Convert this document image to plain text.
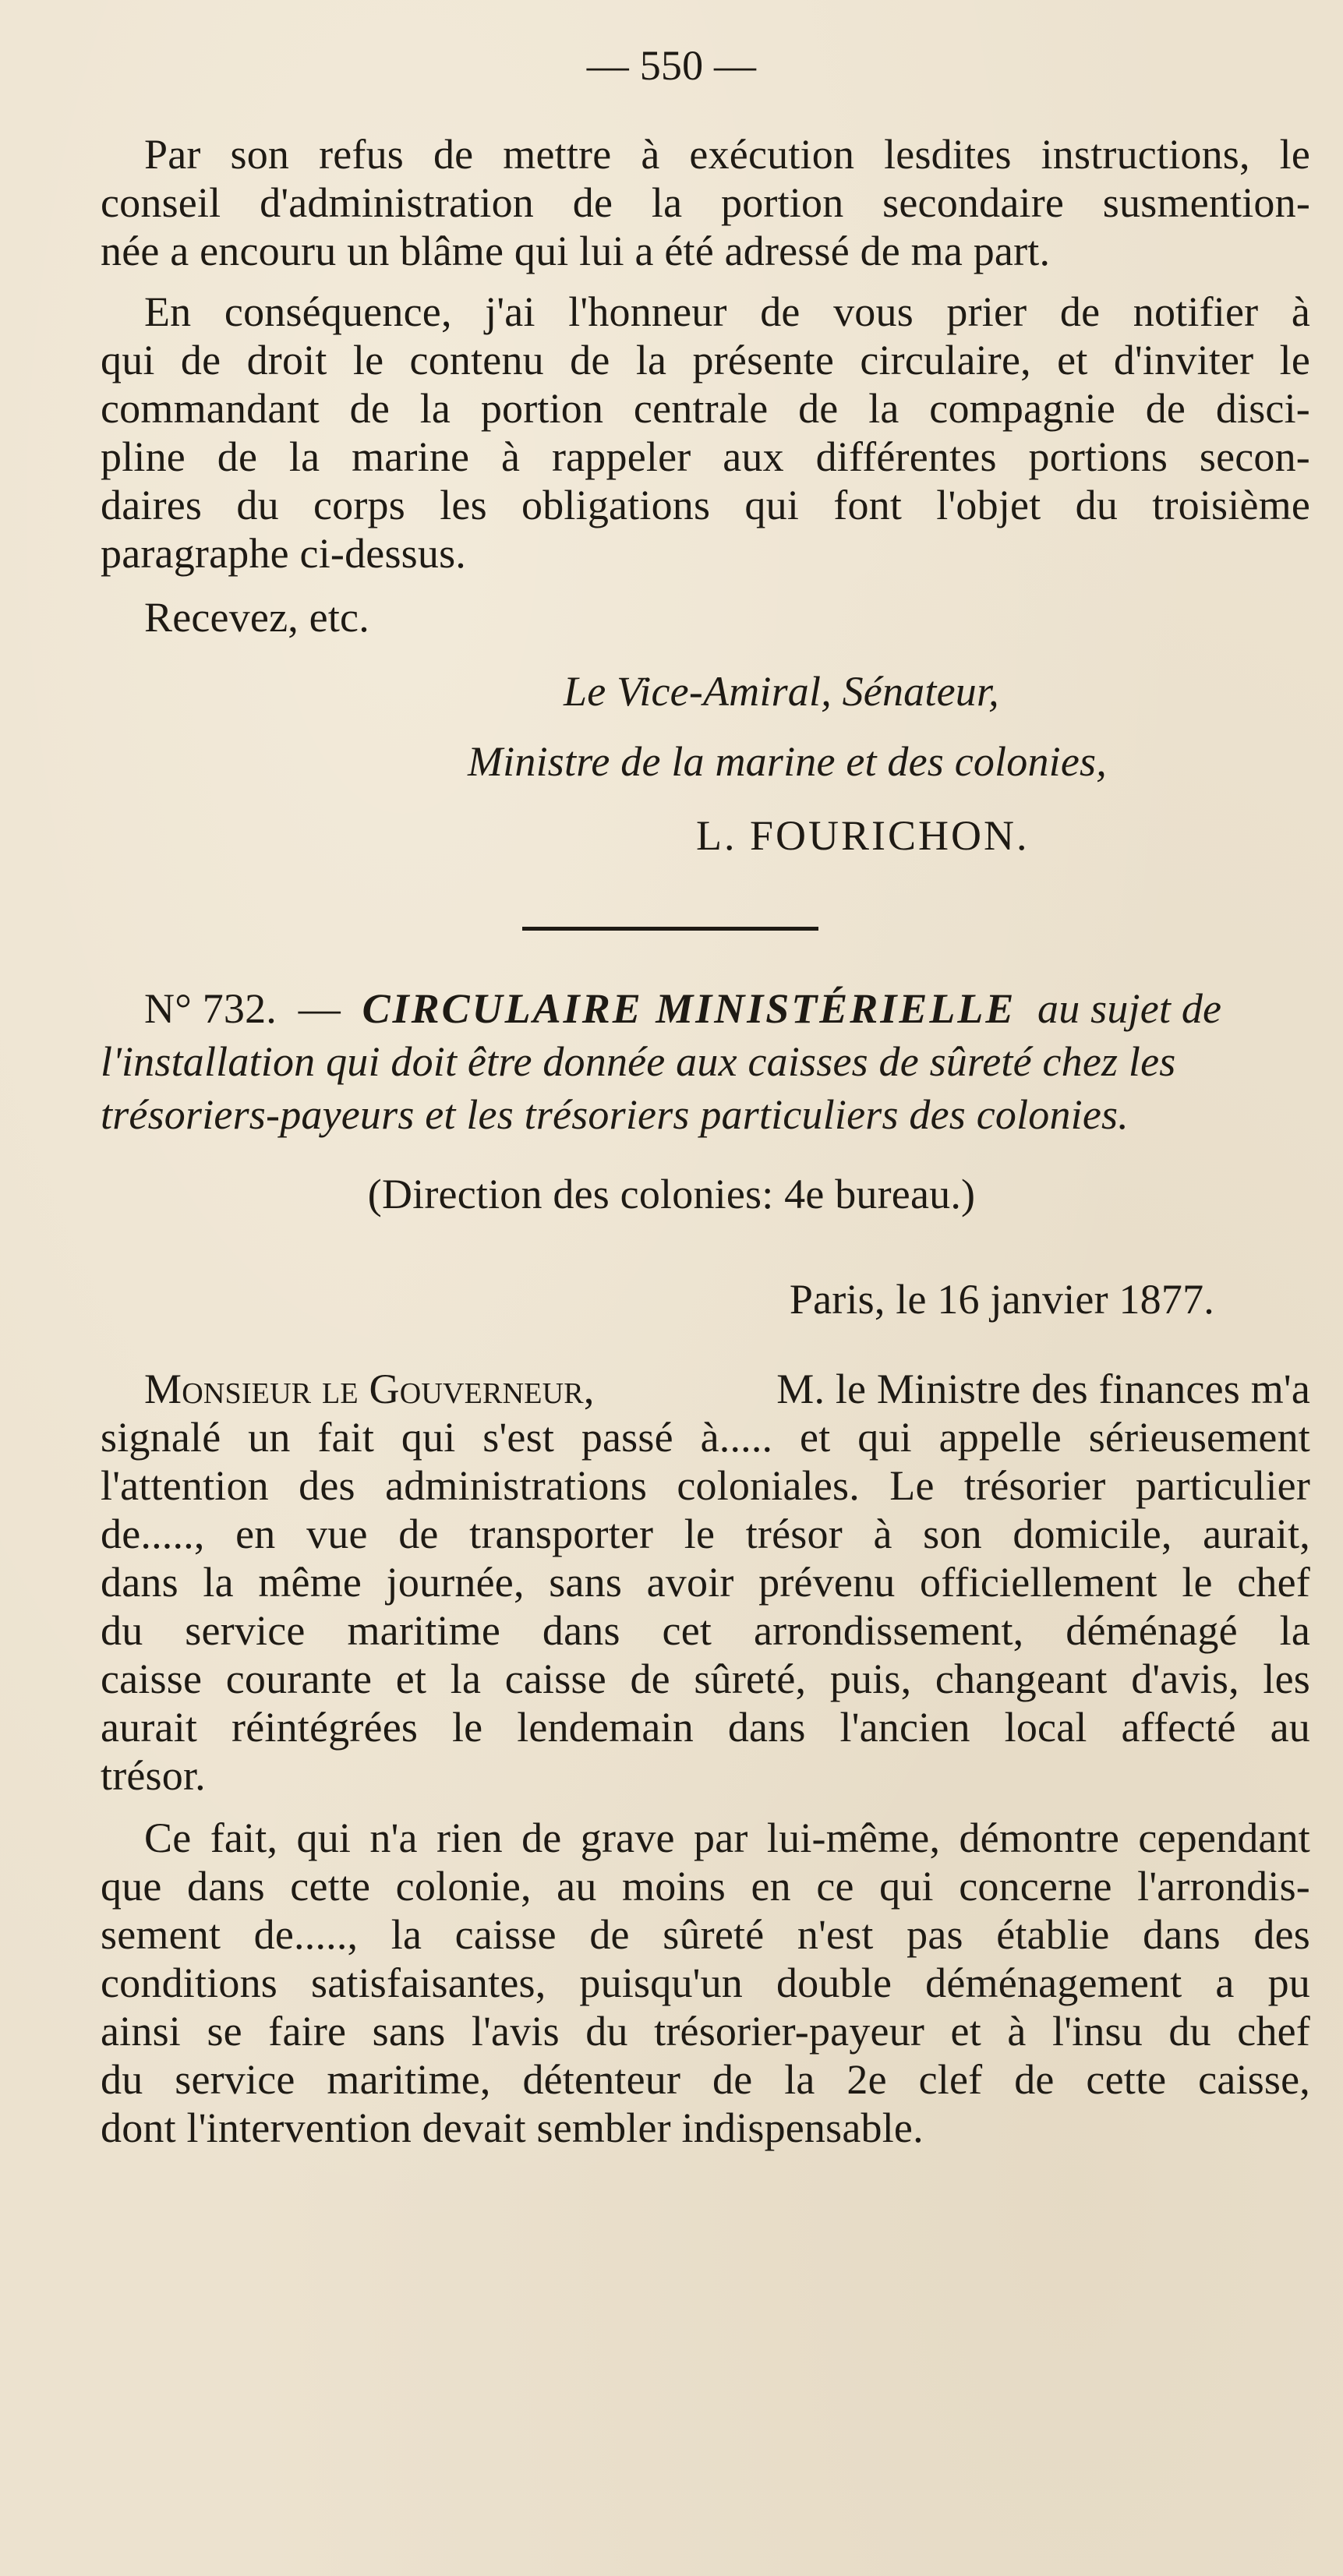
— 550 —
Par son refus de mettre à exécution lesdites instructions, le
conseil d'administration de la portion secondaire susmention-
née a encouru un blâme qui lui a été adressé de ma part.
En conséquence, j'ai l'honneur de vous prier de notifier à
qui de droit le contenu de la présente circulaire, et d'inviter le
commandant de la portion centrale de la compagnie de disci-
pline de la marine à rappeler aux différentes portions secon-
daires du corps les obligations qui font l'objet du troisième
paragraphe ci-dessus.
Recevez, etc.
Le Vice-Amiral, Sénateur,
Ministre de la marine et des colonies,
L. FOURICHON.
N° 732. — CIRCULAIRE MINISTÉRIELLE au sujet de
l'installation qui doit être donnée aux caisses de sûreté chez les
trésoriers-payeurs et les trésoriers particuliers des colonies.
(Direction des colonies: 4e bureau.)
Paris, le 16 janvier 1877.
Monsieur le Gouverneur,	M. le Ministre des finances m'a
signalé un fait qui s'est passé à..... et qui appelle sérieusement
l'attention des administrations coloniales. Le trésorier particulier
de....., en vue de transporter le trésor à son domicile, aurait,
dans la même journée, sans avoir prévenu officiellement le chef
du service maritime dans cet arrondissement, déménagé la
caisse courante et la caisse de sûreté, puis, changeant d'avis, les
aurait réintégrées le lendemain dans l'ancien local affecté au
trésor.
Ce fait, qui n'a rien de grave par lui-même, démontre cependant
que dans cette colonie, au moins en ce qui concerne l'arrondis-
sement de....., la caisse de sûreté n'est pas établie dans des
conditions satisfaisantes, puisqu'un double déménagement a pu
ainsi se faire sans l'avis du trésorier-payeur et à l'insu du chef
du service maritime, détenteur de la 2e clef de cette caisse,
dont l'intervention devait sembler indispensable.
